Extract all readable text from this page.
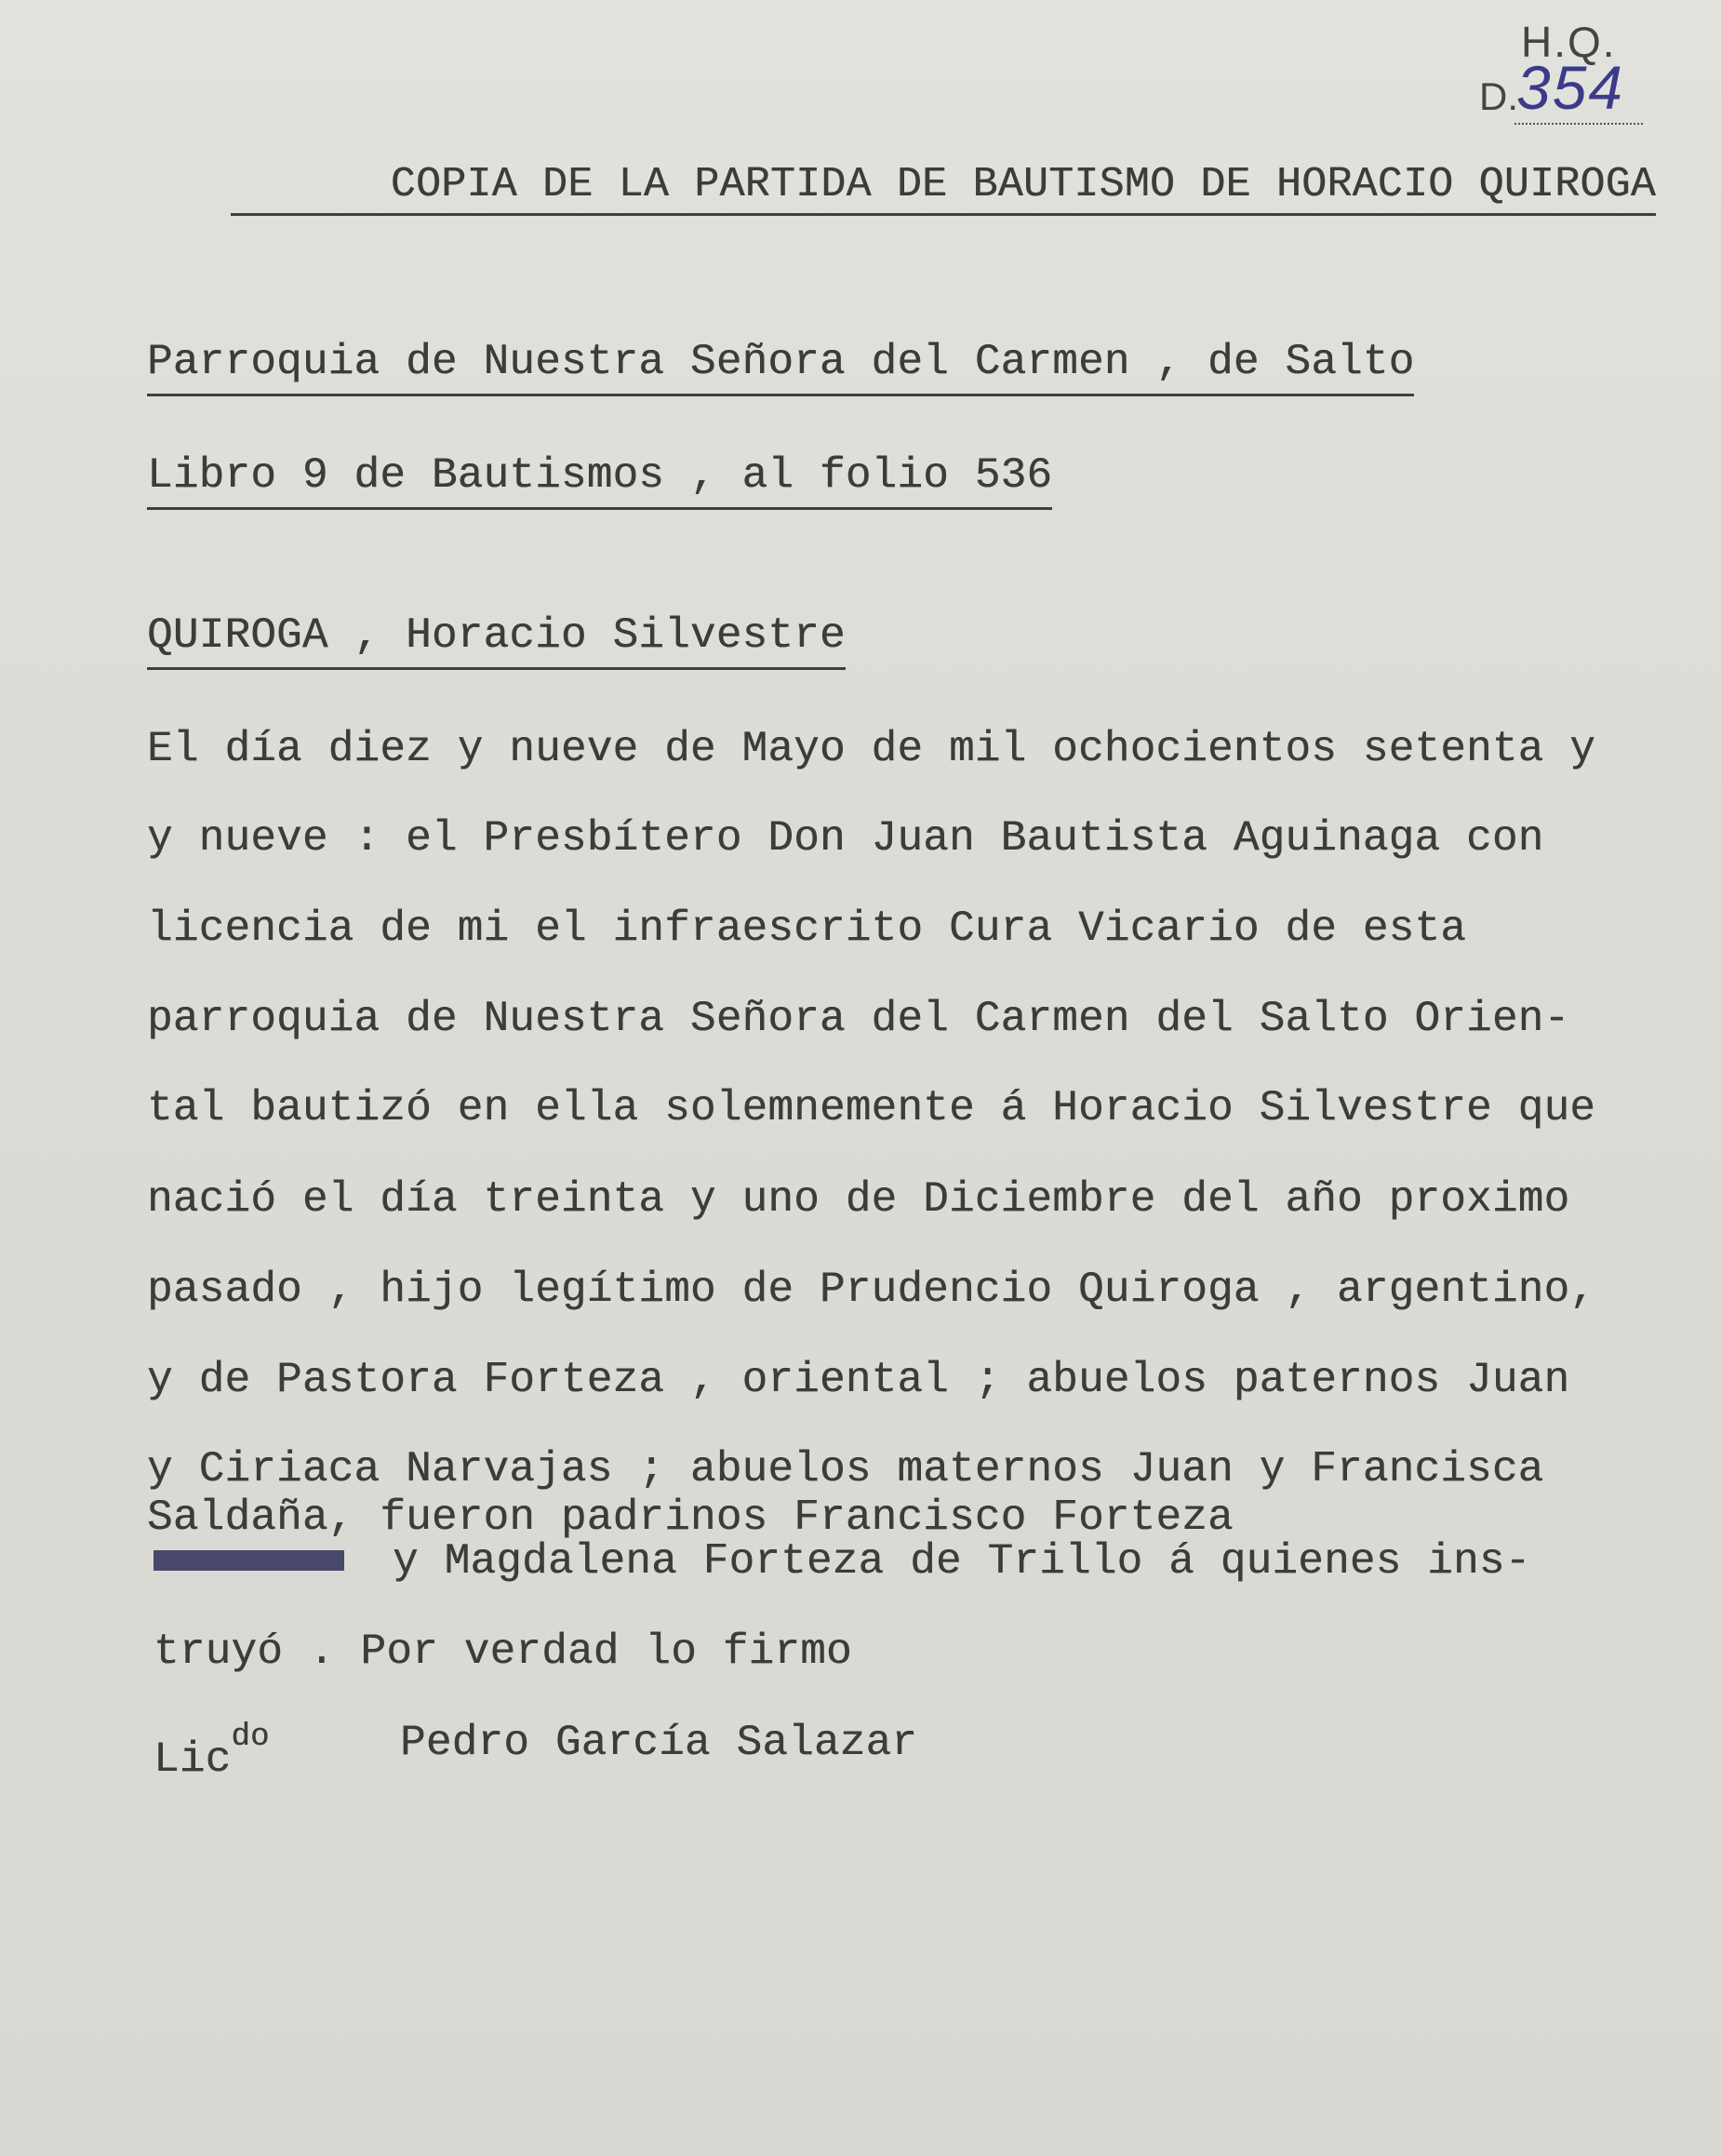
H.Q.
D.
354
COPIA DE LA PARTIDA DE BAUTISMO DE HORACIO QUIROGA
Parroquia de Nuestra Señora del Carmen , de Salto
Libro 9 de Bautismos , al folio 536
QUIROGA , Horacio Silvestre
El día diez y nueve de Mayo de mil ochocientos setenta y
y nueve : el Presbítero Don Juan Bautista Aguinaga con
licencia de mi el infraescrito Cura Vicario de esta
parroquia de Nuestra Señora del Carmen del Salto Orien-
tal bautizó en ella solemnemente á Horacio Silvestre que
nació el día treinta y uno de Diciembre del año proximo
pasado , hijo legítimo de Prudencio Quiroga , argentino,
y de Pastora Forteza , oriental ; abuelos paternos Juan
y Ciriaca Narvajas ; abuelos maternos Juan y Francisca
Saldaña, fueron padrinos Francisco Forteza
y Magdalena Forteza de Trillo á quienes ins-
truyó . Por verdad lo firmo
Lic$^{do}$	Pedro García Salazar
